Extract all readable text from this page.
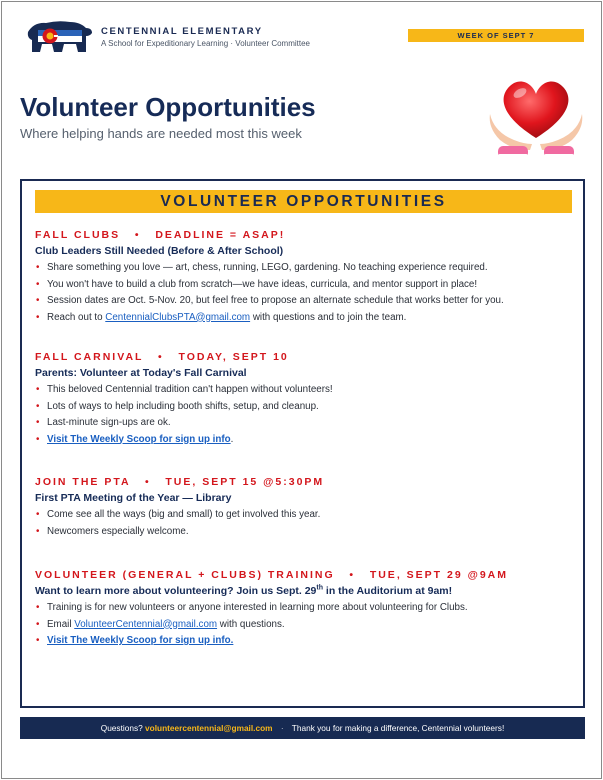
CENTENNIAL ELEMENTARY
A School for Expeditionary Learning · Volunteer Committee
WEEK OF SEPT 7
Volunteer Opportunities
Where helping hands are needed most this week
VOLUNTEER OPPORTUNITIES
FALL CLUBS   •   DEADLINE = ASAP!
Club Leaders Still Needed (Before & After School)
• Share something you love — art, chess, running, LEGO, gardening. No teaching experience required.
• You won't have to build a club from scratch—we have ideas, curricula, and mentor support in place!
• Session dates are Oct. 5-Nov. 20, but feel free to propose an alternate schedule that works better for you.
• Reach out to CentennialClubsPTA@gmail.com with questions and to join the team.
FALL CARNIVAL   •   TODAY, SEPT 10
Parents: Volunteer at Today's Fall Carnival
• This beloved Centennial tradition can't happen without volunteers!
• Lots of ways to help including booth shifts, setup, and cleanup.
• Last-minute sign-ups are ok.
• Visit The Weekly Scoop for sign up info.
JOIN THE PTA   •   TUE, SEPT 15 @5:30PM
First PTA Meeting of the Year — Library
• Come see all the ways (big and small) to get involved this year.
• Newcomers especially welcome.
VOLUNTEER (GENERAL + CLUBS) TRAINING   •   TUE, SEPT 29 @9AM
Want to learn more about volunteering? Join us Sept. 29th in the Auditorium at 9am!
• Training is for new volunteers or anyone interested in learning more about volunteering for Clubs.
• Email VolunteerCentennial@gmail.com with questions.
• Visit The Weekly Scoop for sign up info.
Questions? volunteercentennial@gmail.com · Thank you for making a difference, Centennial volunteers!
